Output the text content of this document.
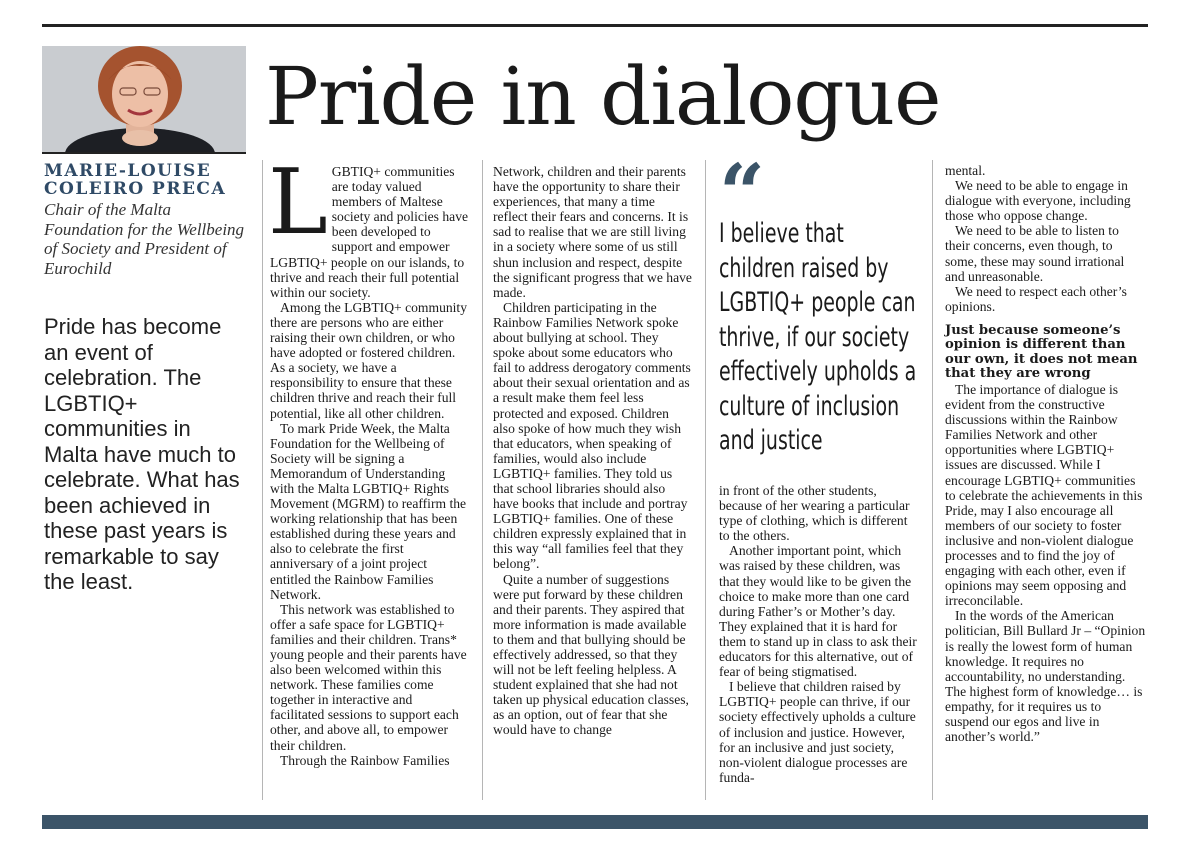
Pride in dialogue
MARIE-LOUISE COLEIRO PRECA
Chair of the Malta Foundation for the Wellbeing of Society and President of Eurochild
Pride has become an event of celebration. The LGBTIQ+ communities in Malta have much to celebrate. What has been achieved in these past years is remarkable to say the least.
L GBTIQ+ communities are today valued members of Maltese society and policies have been developed to support and empower LGBTIQ+ people on our islands, to thrive and reach their full potential within our society.

Among the LGBTIQ+ community there are persons who are either raising their own children, or who have adopted or fostered children. As a society, we have a responsibility to ensure that these children thrive and reach their full potential, like all other children.

To mark Pride Week, the Malta Foundation for the Wellbeing of Society will be signing a Memorandum of Understanding with the Malta LGBTIQ+ Rights Movement (MGRM) to reaffirm the working relationship that has been established during these years and also to celebrate the first anniversary of a joint project entitled the Rainbow Families Network.

This network was established to offer a safe space for LGBTIQ+ families and their children. Trans* young people and their parents have also been welcomed within this network. These families come together in interactive and facilitated sessions to support each other, and above all, to empower their children.

Through the Rainbow Families

Network, children and their parents have the opportunity to share their experiences, that many a time reflect their fears and concerns. It is sad to realise that we are still living in a society where some of us still shun inclusion and respect, despite the significant progress that we have made.

Children participating in the Rainbow Families Network spoke about bullying at school. They spoke about some educators who fail to address derogatory comments about their sexual orientation and as a result make them feel less protected and exposed. Children also spoke of how much they wish that educators, when speaking of families, would also include LGBTIQ+ families. They told us that school libraries should also have books that include and portray LGBTIQ+ families. One of these children expressly explained that in this way “all families feel that they belong”.

Quite a number of suggestions were put forward by these children and their parents. They aspired that more information is made available to them and that bullying should be effectively addressed, so that they will not be left feeling helpless. A student explained that she had not taken up physical education classes, as an option, out of fear that she would have to change

“
I believe that children raised by LGBTIQ+ people can thrive, if our society effectively upholds a culture of inclusion and justice

in front of the other students, because of her wearing a particular type of clothing, which is different to the others.

Another important point, which was raised by these children, was that they would like to be given the choice to make more than one card during Father’s or Mother’s day. They explained that it is hard for them to stand up in class to ask their educators for this alternative, out of fear of being stigmatised.

I believe that children raised by LGBTIQ+ people can thrive, if our society effectively upholds a culture of inclusion and justice. However, for an inclusive and just society, non-violent dialogue processes are funda-

mental.

We need to be able to engage in dialogue with everyone, including those who oppose change.

We need to be able to listen to their concerns, even though, to some, these may sound irrational and unreasonable.

We need to respect each other’s opinions.

Just because someone’s opinion is different than our own, it does not mean that they are wrong

The importance of dialogue is evident from the constructive discussions within the Rainbow Families Network and other opportunities where LGBTIQ+ issues are discussed. While I encourage LGBTIQ+ communities to celebrate the achievements in this Pride, may I also encourage all members of our society to foster inclusive and non-violent dialogue processes and to find the joy of engaging with each other, even if opinions may seem opposing and irreconcilable.

In the words of the American politician, Bill Bullard Jr – “Opinion is really the lowest form of human knowledge. It requires no accountability, no understanding. The highest form of knowledge… is empathy, for it requires us to suspend our egos and live in another’s world.”
